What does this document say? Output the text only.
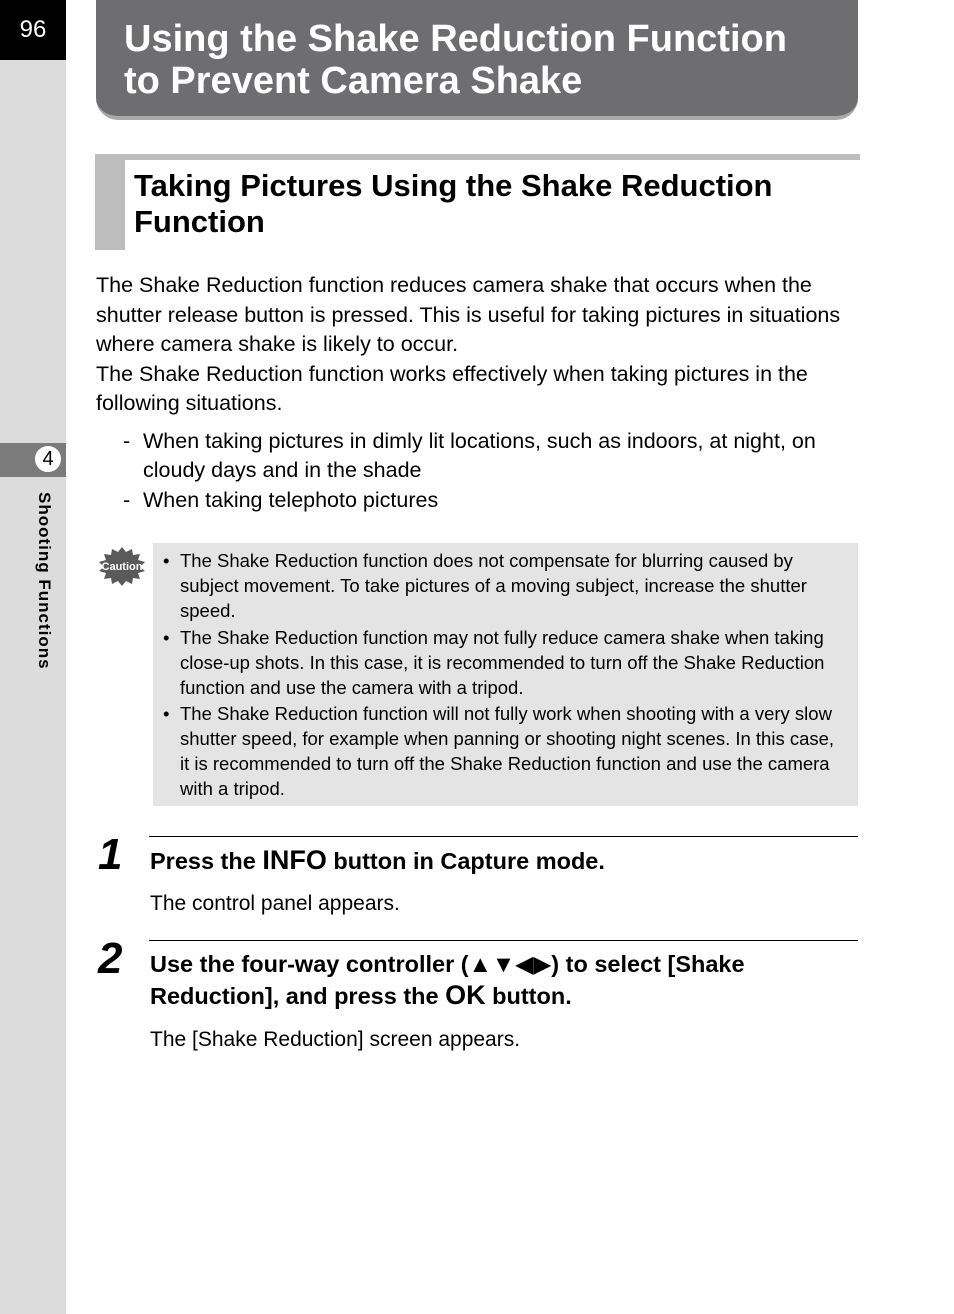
96
4
Shooting Functions
Using the Shake Reduction Function
to Prevent Camera Shake
Taking Pictures Using the Shake Reduction
Function

The Shake Reduction function reduces camera shake that occurs when the shutter release button is pressed. This is useful for taking pictures in situations where camera shake is likely to occur.

The Shake Reduction function works effectively when taking pictures in the following situations.

- When taking pictures in dimly lit locations, such as indoors, at night, on cloudy days and in the shade
- When taking telephoto pictures
Caution
•	The Shake Reduction function does not compensate for blurring caused by subject movement. To take pictures of a moving subject, increase the shutter speed.
• The Shake Reduction function may not fully reduce camera shake when taking close-up shots. In this case, it is recommended to turn off the Shake Reduction function and use the camera with a tripod.
• The Shake Reduction function will not fully work when shooting with a very slow shutter speed, for example when panning or shooting night scenes. In this case, it is recommended to turn off the Shake Reduction function and use the camera with a tripod.
1 Press the INFO button in Capture mode.

The control panel appears.

2 Use the four-way controller (▲▼◀▶) to select [Shake Reduction], and press the OK button.

The [Shake Reduction] screen appears.
